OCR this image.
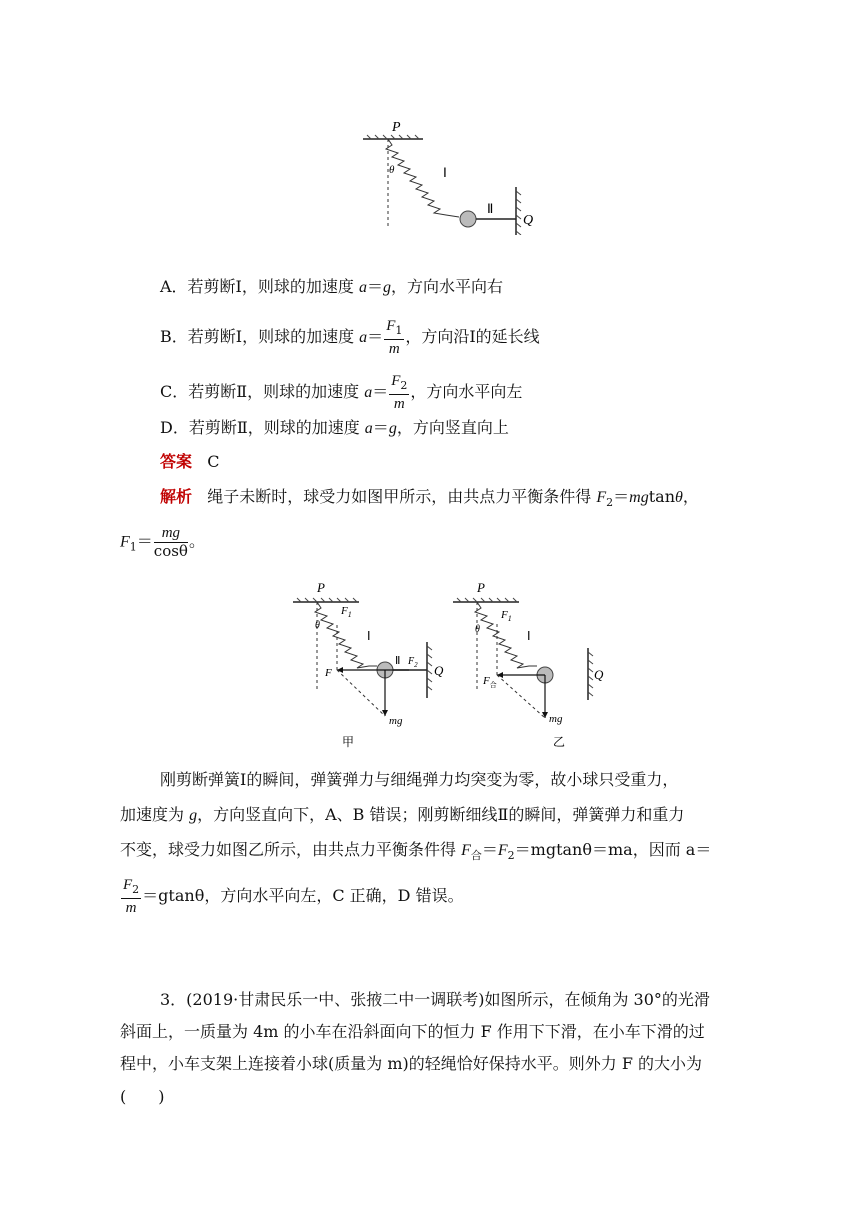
P
θ	Ⅰ
Ⅱ
Q
A．若剪断Ⅰ，则球的加速度 a＝g，方向水平向右
B．若剪断Ⅰ，则球的加速度 $a= \frac{F_1}{m}$ ，方向沿Ⅰ的延长线
C．若剪断Ⅱ，则球的加速度 $a= \frac{F_2}{m}$ ，方向水平向左
D．若剪断Ⅱ，则球的加速度 a＝g，方向竖直向上
答案 C
解析 绳子未断时，球受力如图甲所示，由共点力平衡条件得 $F_2=mgtan\theta$，
$F_1= \frac{mg}{\cos\theta}$ 。
P
θ
$F_1$
Ⅰ
Ⅱ $F_2$ Q
F
mg
甲
P
θ
$F_1$
Ⅰ
Q
$F_合$
mg
乙
刚剪断弹簧Ⅰ的瞬间，弹簧弹力与细绳弹力均突变为零，故小球只受重力，
加速度为 g，方向竖直向下，A、B 错误；刚剪断细线Ⅱ的瞬间，弹簧弹力和重力
不变，球受力如图乙所示，由共点力平衡条件得 $F_合=F_2=mgtan\theta=ma$，因而 a＝
$\frac{F_2}{m} =gtan\theta$，方向水平向左，C 正确，D 错误。
3．(2019·甘肃民乐一中、张掖二中一调联考)如图所示，在倾角为 30°的光滑
斜面上，一质量为 4m 的小车在沿斜面向下的恒力 F 作用下下滑，在小车下滑的过
程中，小车支架上连接着小球(质量为 m)的轻绳恰好保持水平。则外力 F 的大小为
(　　)
